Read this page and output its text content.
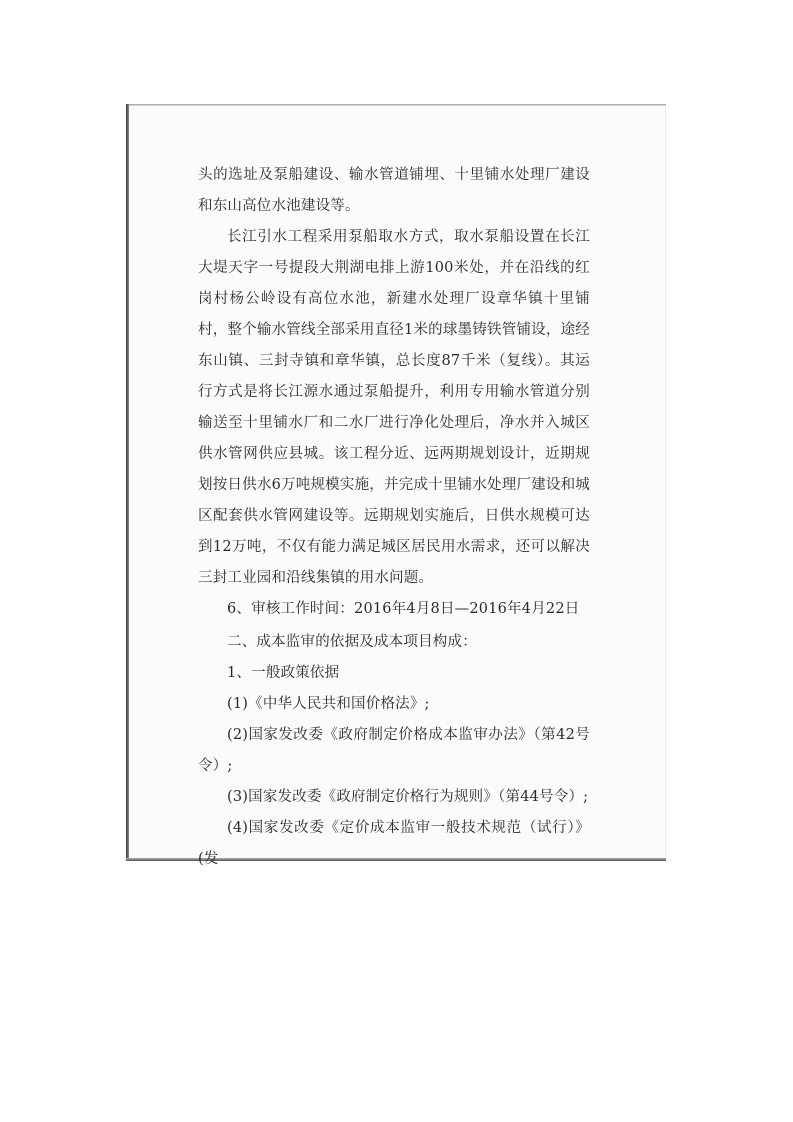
头的选址及泵船建设、输水管道铺埋、十里铺水处理厂建设和东山高位水池建设等。

长江引水工程采用泵船取水方式，取水泵船设置在长江大堤天字一号提段大荆湖电排上游100米处，并在沿线的红岗村杨公岭设有高位水池，新建水处理厂设章华镇十里铺村，整个输水管线全部采用直径1米的球墨铸铁管铺设，途经东山镇、三封寺镇和章华镇，总长度87千米（复线）。其运行方式是将长江源水通过泵船提升，利用专用输水管道分别输送至十里铺水厂和二水厂进行净化处理后，净水并入城区供水管网供应县城。该工程分近、远两期规划设计，近期规划按日供水6万吨规模实施，并完成十里铺水处理厂建设和城区配套供水管网建设等。远期规划实施后，日供水规模可达到12万吨，不仅有能力满足城区居民用水需求，还可以解决三封工业园和沿线集镇的用水问题。

6、审核工作时间：2016年4月8日—2016年4月22日

二、成本监审的依据及成本项目构成：

1、一般政策依据

(1)《中华人民共和国价格法》;

(2)国家发改委《政府制定价格成本监审办法》（第42号令）;

(3)国家发改委《政府制定价格行为规则》（第44号令）;

(4)国家发改委《定价成本监审一般技术规范（试行）》(发
